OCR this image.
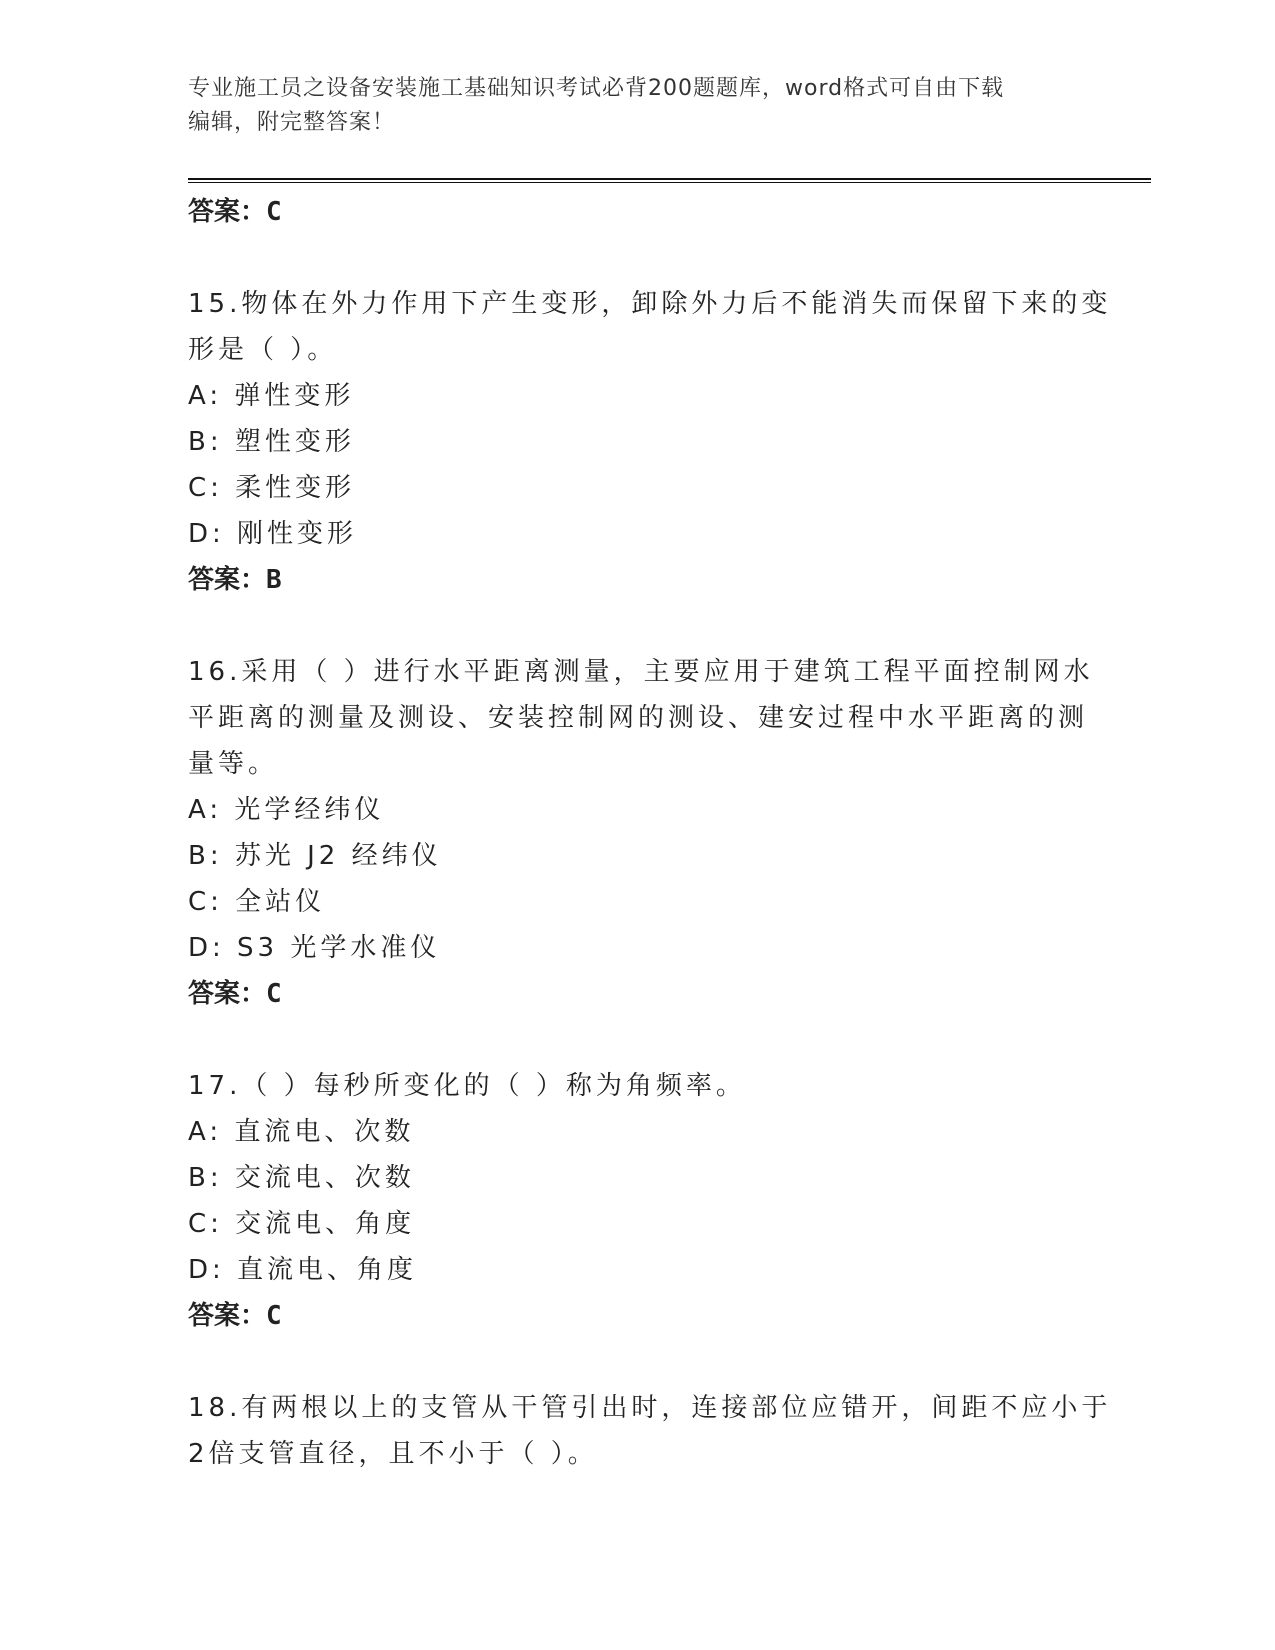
专业施工员之设备安装施工基础知识考试必背200题题库，word格式可自由下载
编辑，附完整答案！
答案：C
15.物体在外力作用下产生变形，卸除外力后不能消失而保留下来的变
形是（ ）。
A: 弹性变形
B: 塑性变形
C: 柔性变形
D: 刚性变形
答案：B
16.采用（ ）进行水平距离测量，主要应用于建筑工程平面控制网水
平距离的测量及测设、安装控制网的测设、建安过程中水平距离的测
量等。
A: 光学经纬仪
B: 苏光 J2 经纬仪
C: 全站仪
D: S3 光学水准仪
答案：C
17.（ ）每秒所变化的（ ）称为角频率。
A: 直流电、次数
B: 交流电、次数
C: 交流电、角度
D: 直流电、角度
答案：C
18.有两根以上的支管从干管引出时，连接部位应错开，间距不应小于
2倍支管直径，且不小于（ ）。
